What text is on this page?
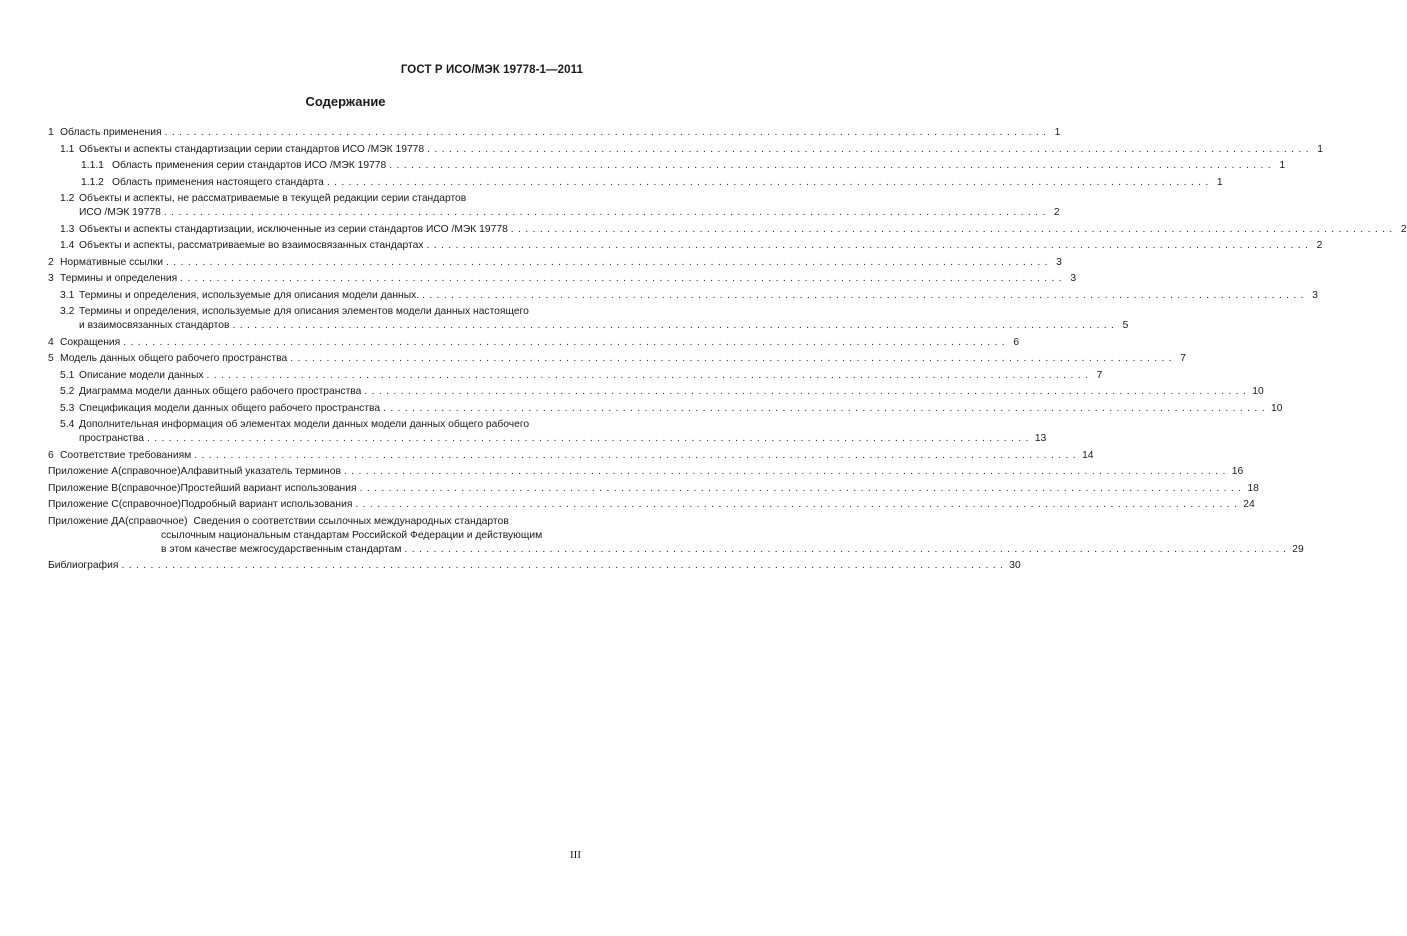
ГОСТ Р ИСО/МЭК 19778-1—2011
Содержание
1 Область применения .......................................................................................................................... 1
1.1 Объекты и аспекты стандартизации серии стандартов ИСО /МЭК 19778 .......................................................................................................................... 1
1.1.1 Область применения серии стандартов ИСО /МЭК 19778 .......................................................................................................................... 1
1.1.2 Область применения настоящего стандарта .......................................................................................................................... 1
1.2 Объекты и аспекты, не рассматриваемые в текущей редакции серии стандартов
ИСО /МЭК 19778 .......................................................................................................................... 2
1.3 Объекты и аспекты стандартизации, исключенные из серии стандартов ИСО /МЭК 19778 .......................................................................................................................... 2
1.4 Объекты и аспекты, рассматриваемые во взаимосвязанных стандартах .......................................................................................................................... 2
2 Нормативные ссылки .......................................................................................................................... 3
3 Термины и определения .......................................................................................................................... 3
3.1 Термины и определения, используемые для описания модели данных. .......................................................................................................................... 3
3.2 Термины и определения, используемые для описания элементов модели данных настоящего
и взаимосвязанных стандартов .......................................................................................................................... 5
4 Сокращения .......................................................................................................................... 6
5 Модель данных общего рабочего пространства .......................................................................................................................... 7
5.1 Описание модели данных .......................................................................................................................... 7
5.2 Диаграмма модели данных общего рабочего пространства .......................................................................................................................... 10
5.3 Спецификация модели данных общего рабочего пространства .......................................................................................................................... 10
5.4 Дополнительная информация об элементах модели данных модели данных общего рабочего
пространства .......................................................................................................................... 13
6 Соответствие требованиям .......................................................................................................................... 14
Приложение А (справочное) Алфавитный указатель терминов .......................................................................................................................... 16
Приложение В (справочное) Простейший вариант использования .......................................................................................................................... 18
Приложение С (справочное) Подробный вариант использования .......................................................................................................................... 24
Приложение ДА(справочное) Сведения о соответствии ссылочных международных стандартов
ссылочным национальным стандартам Российской Федерации и действующим
в этом качестве межгосударственным стандартам .......................................................................................................................... 29
Библиография .......................................................................................................................... 30
III
